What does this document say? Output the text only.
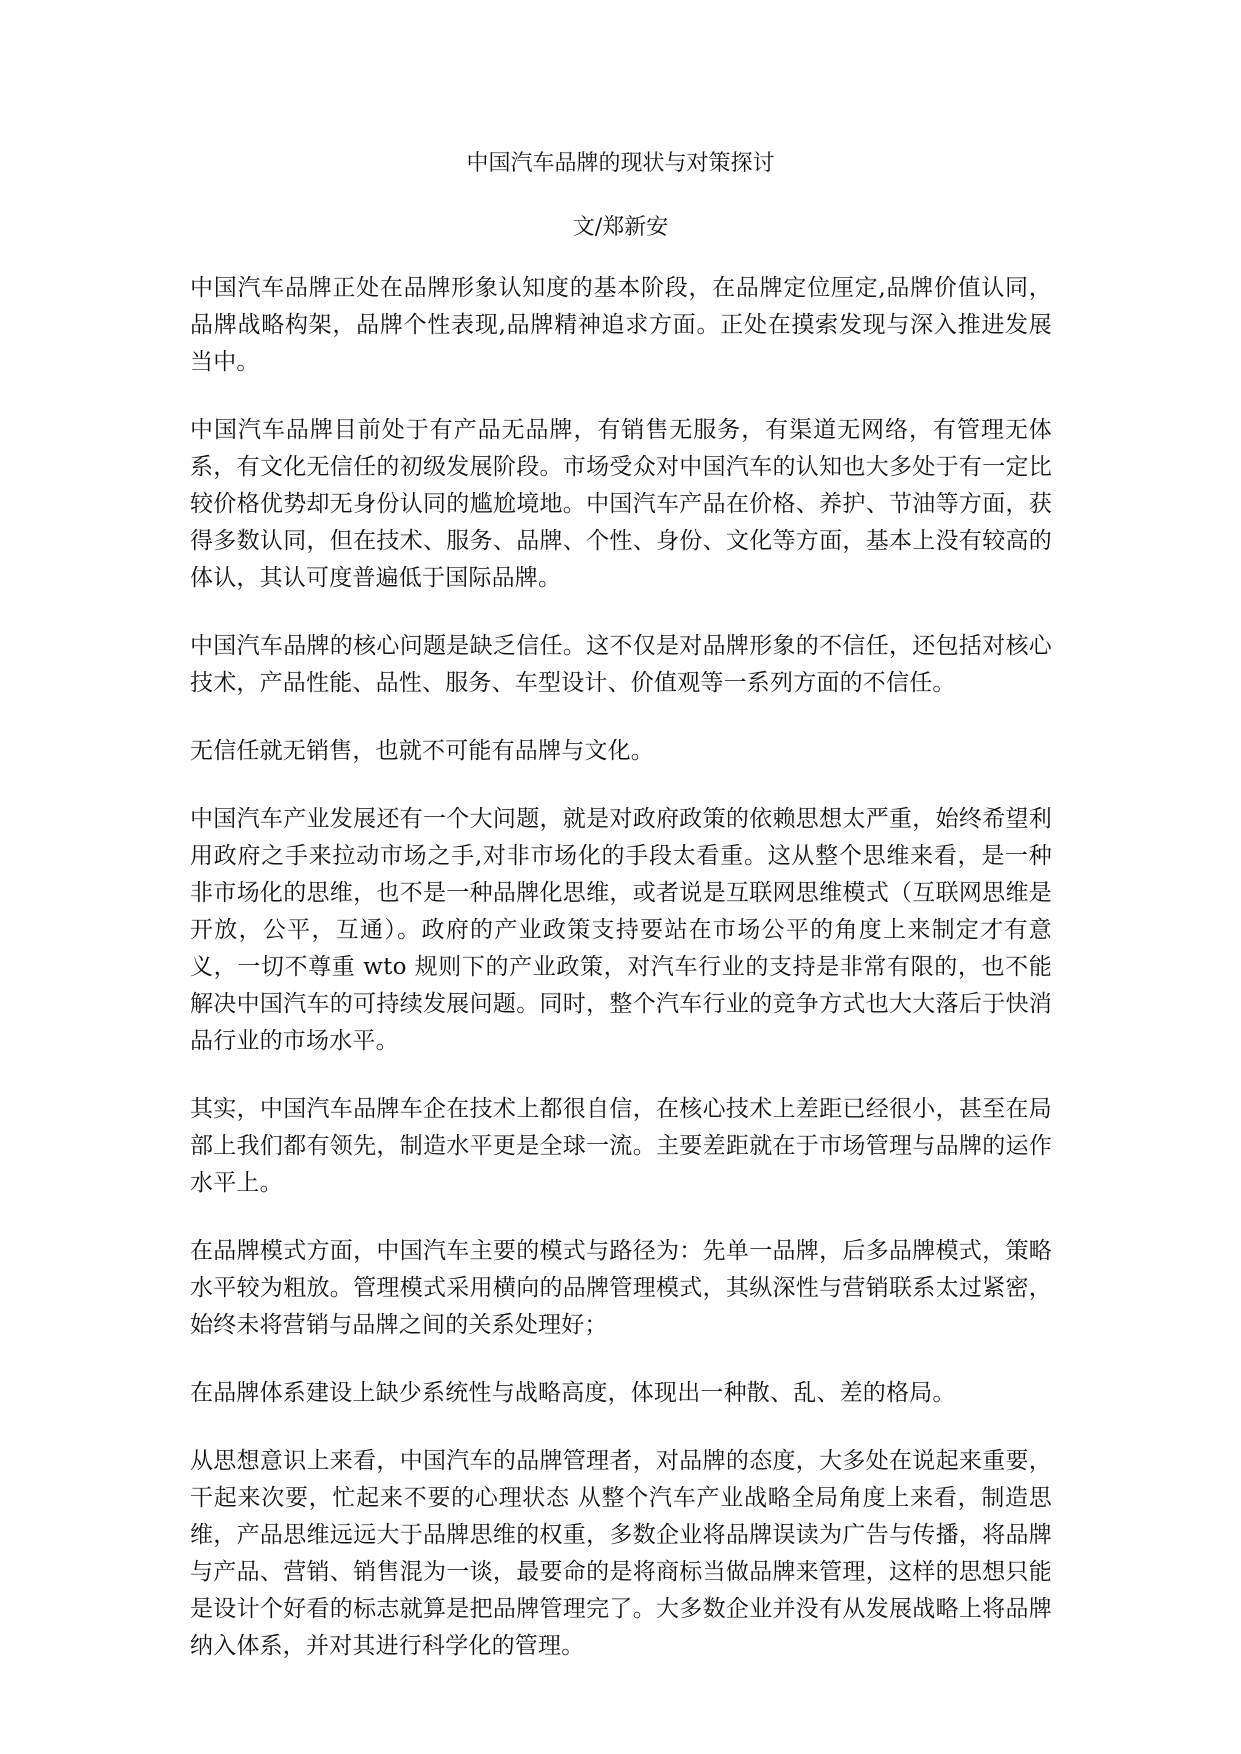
中国汽车品牌的现状与对策探讨
文/郑新安

中国汽车品牌正处在品牌形象认知度的基本阶段，在品牌定位厘定,品牌价值认同，品牌战略构架，品牌个性表现,品牌精神追求方面。正处在摸索发现与深入推进发展当中。

中国汽车品牌目前处于有产品无品牌，有销售无服务，有渠道无网络，有管理无体系，有文化无信任的初级发展阶段。市场受众对中国汽车的认知也大多处于有一定比较价格优势却无身份认同的尴尬境地。中国汽车产品在价格、养护、节油等方面，获得多数认同，但在技术、服务、品牌、个性、身份、文化等方面，基本上没有较高的体认，其认可度普遍低于国际品牌。

中国汽车品牌的核心问题是缺乏信任。这不仅是对品牌形象的不信任，还包括对核心技术，产品性能、品性、服务、车型设计、价值观等一系列方面的不信任。

无信任就无销售，也就不可能有品牌与文化。

中国汽车产业发展还有一个大问题，就是对政府政策的依赖思想太严重，始终希望利用政府之手来拉动市场之手,对非市场化的手段太看重。这从整个思维来看，是一种非市场化的思维，也不是一种品牌化思维，或者说是互联网思维模式（互联网思维是开放，公平，互通）。政府的产业政策支持要站在市场公平的角度上来制定才有意义，一切不尊重 wto 规则下的产业政策，对汽车行业的支持是非常有限的，也不能解决中国汽车的可持续发展问题。同时，整个汽车行业的竞争方式也大大落后于快消品行业的市场水平。

其实，中国汽车品牌车企在技术上都很自信，在核心技术上差距已经很小，甚至在局部上我们都有领先，制造水平更是全球一流。主要差距就在于市场管理与品牌的运作水平上。

在品牌模式方面，中国汽车主要的模式与路径为：先单一品牌，后多品牌模式，策略水平较为粗放。管理模式采用横向的品牌管理模式，其纵深性与营销联系太过紧密，始终未将营销与品牌之间的关系处理好；

在品牌体系建设上缺少系统性与战略高度，体现出一种散、乱、差的格局。

从思想意识上来看，中国汽车的品牌管理者，对品牌的态度，大多处在说起来重要，干起来次要，忙起来不要的心理状态 从整个汽车产业战略全局角度上来看，制造思维，产品思维远远大于品牌思维的权重，多数企业将品牌误读为广告与传播，将品牌与产品、营销、销售混为一谈，最要命的是将商标当做品牌来管理，这样的思想只能是设计个好看的标志就算是把品牌管理完了。大多数企业并没有从发展战略上将品牌纳入体系，并对其进行科学化的管理。
